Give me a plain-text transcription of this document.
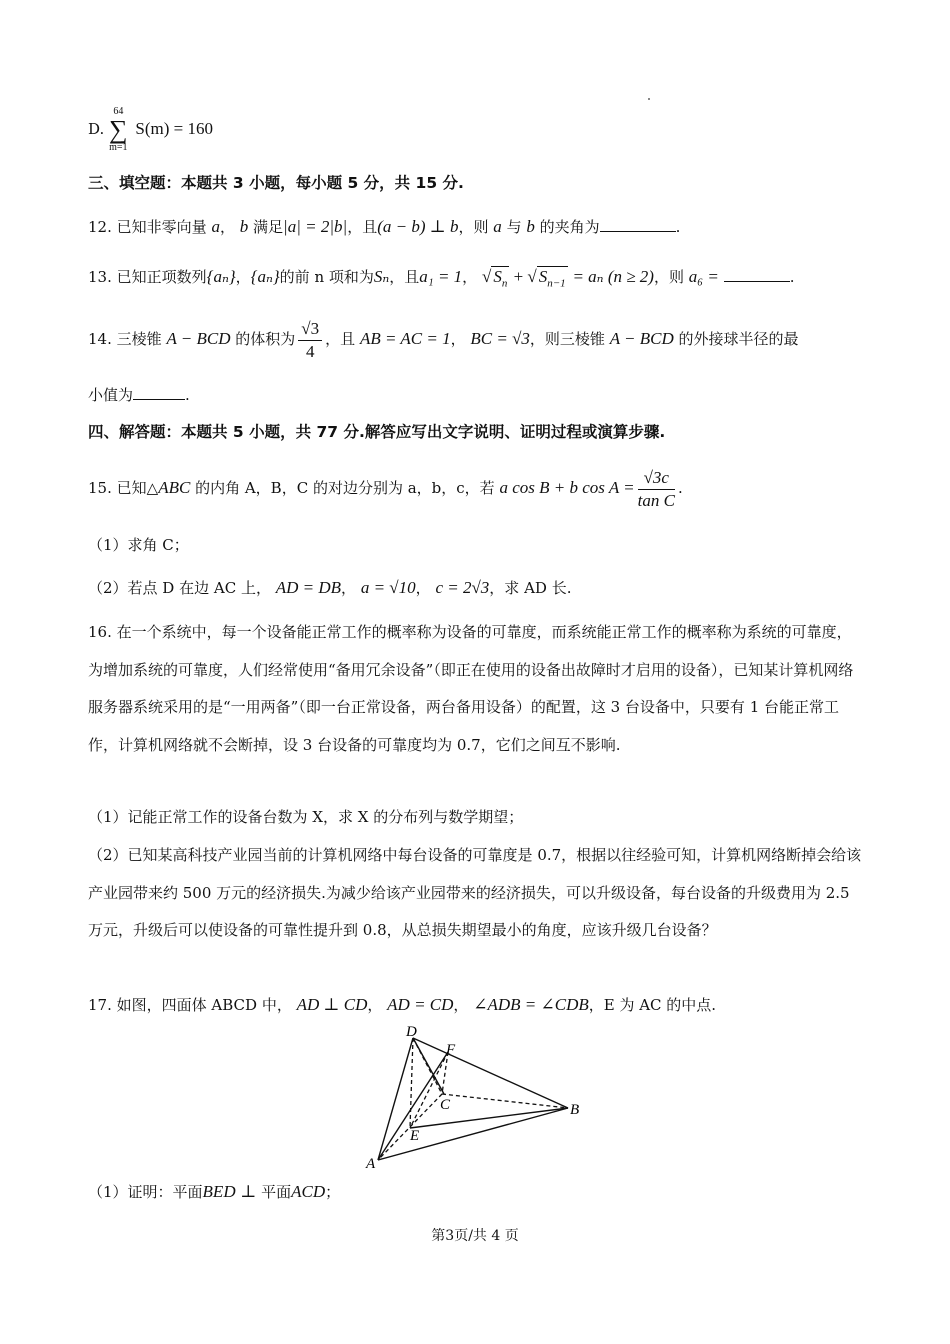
D.
64
∑
m=1
S(m) = 160
三、填空题：本题共 3 小题，每小题 5 分，共 15 分.
12. 已知非零向量 a， b 满足|a| = 2|b|，且(a − b) ⊥ b，则 a 与 b 的夹角为	.
13. 已知正项数列{aₙ}，{aₙ}的前 n 项和为Sₙ，且a₁ = 1， √ $S_n$ + √ $S_{n-1} = a_n$ (n ≥ 2)，则 a₆ =	.
14. 三棱锥 A − BCD 的体积为 $\frac{√3}{4}$ ，且 AB = AC = 1， BC = √3，则三棱锥 A − BCD 的外接球半径的最
小值为	.
四、解答题：本题共 5 小题，共 77 分.解答应写出文字说明、证明过程或演算步骤.
15. 已知△ABC 的内角 A，B，C 的对边分别为 a，b，c，若 a cos B + b $\cos A = \frac{√3c}{\text{tan C}}$ .
（1）求角 C；
（2）若点 D 在边 AC 上， AD = DB， a = √10， c = 2√3，求 AD 长.
16. 在一个系统中，每一个设备能正常工作的概率称为设备的可靠度，而系统能正常工作的概率称为系统的可靠度，为增加系统的可靠度，人们经常使用“备用冗余设备”（即正在使用的设备出故障时才启用的设备），已知某计算机网络服务器系统采用的是“一用两备”（即一台正常设备，两台备用设备）的配置，这 3 台设备中，只要有 1 台能正常工作，计算机网络就不会断掉，设 3 台设备的可靠度均为 0.7，它们之间互不影响.
（1）记能正常工作的设备台数为 X，求 X 的分布列与数学期望；
（2）已知某高科技产业园当前的计算机网络中每台设备的可靠度是 0.7，根据以往经验可知，计算机网络断掉会给该产业园带来约 500 万元的经济损失.为减少给该产业园带来的经济损失，可以升级设备，每台设备的升级费用为 2.5 万元，升级后可以使设备的可靠性提升到 0.8，从总损失期望最小的角度，应该升级几台设备？
17. 如图，四面体 ABCD 中， AD ⊥ CD， AD = CD， ∠ADB = ∠CDB，E 为 AC 的中点.
D
F
C	B
E
A
（1）证明：平面BED ⊥ 平面ACD；
第3页/共 4 页
